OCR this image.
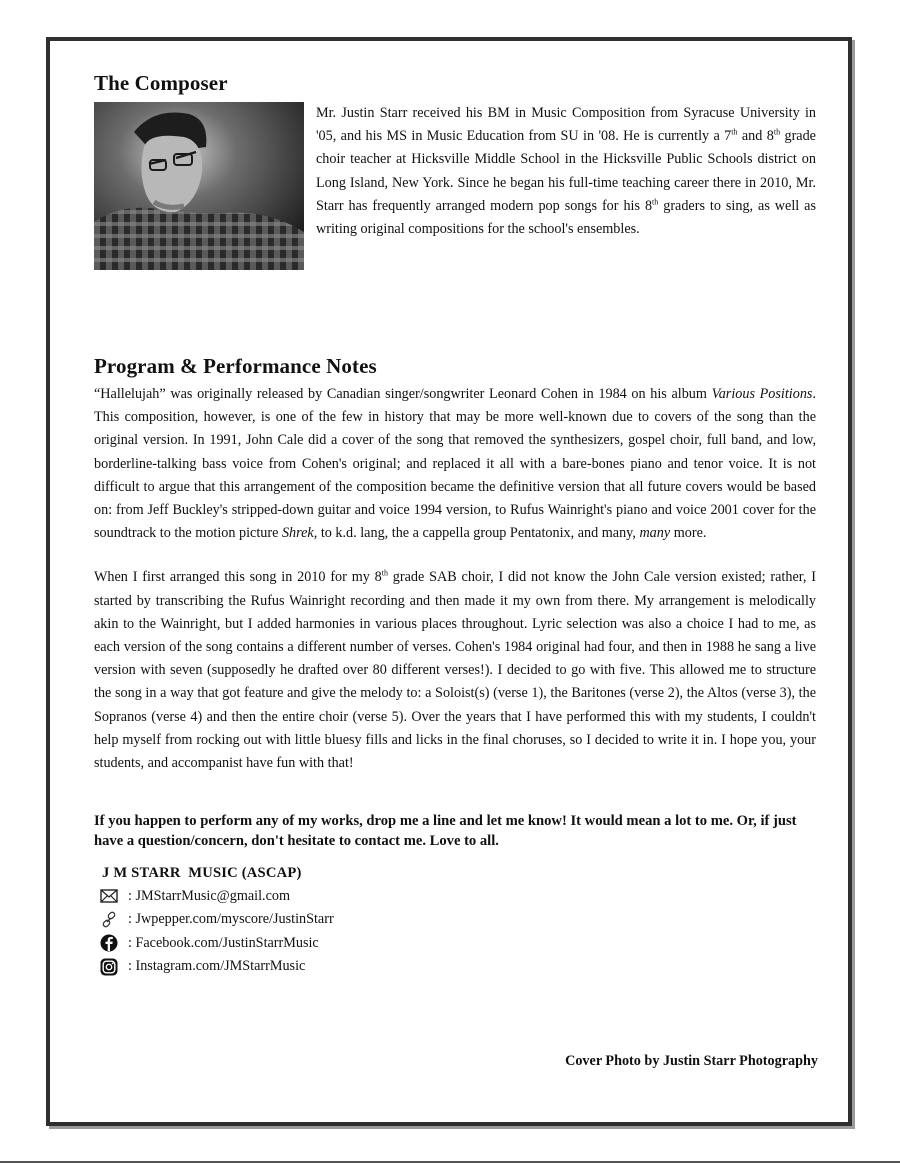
The Composer

Mr. Justin Starr received his BM in Music Composition from Syracuse University in '05, and his MS in Music Education from SU in '08. He is currently a 7th and 8th grade choir teacher at Hicksville Middle School in the Hicksville Public Schools district on Long Island, New York. Since he began his full-time teaching career there in 2010, Mr. Starr has frequently arranged modern pop songs for his 8th graders to sing, as well as writing original compositions for the school's ensembles.

Program & Performance Notes

“Hallelujah” was originally released by Canadian singer/songwriter Leonard Cohen in 1984 on his album Various Positions. This composition, however, is one of the few in history that may be more well-known due to covers of the song than the original version. In 1991, John Cale did a cover of the song that removed the synthesizers, gospel choir, full band, and low, borderline-talking bass voice from Cohen's original; and replaced it all with a bare-bones piano and tenor voice. It is not difficult to argue that this arrangement of the composition became the definitive version that all future covers would be based on: from Jeff Buckley's stripped-down guitar and voice 1994 version, to Rufus Wainright's piano and voice 2001 cover for the soundtrack to the motion picture Shrek, to k.d. lang, the a cappella group Pentatonix, and many, many more.

When I first arranged this song in 2010 for my 8th grade SAB choir, I did not know the John Cale version existed; rather, I started by transcribing the Rufus Wainright recording and then made it my own from there. My arrangement is melodically akin to the Wainright, but I added harmonies in various places throughout. Lyric selection was also a choice I had to me, as each version of the song contains a different number of verses. Cohen's 1984 original had four, and then in 1988 he sang a live version with seven (supposedly he drafted over 80 different verses!). I decided to go with five. This allowed me to structure the song in a way that got feature and give the melody to: a Soloist(s) (verse 1), the Baritones (verse 2), the Altos (verse 3), the Sopranos (verse 4) and then the entire choir (verse 5). Over the years that I have performed this with my students, I couldn't help myself from rocking out with little bluesy fills and licks in the final choruses, so I decided to write it in. I hope you, your students, and accompanist have fun with that!

If you happen to perform any of my works, drop me a line and let me know! It would mean a lot to me. Or, if just have a question/concern, don't hesitate to contact me. Love to all.
J M STARR  MUSIC (ASCAP)
: JMStarrMusic@gmail.com
: Jwpepper.com/myscore/JustinStarr
: Facebook.com/JustinStarrMusic
: Instagram.com/JMStarrMusic
Cover Photo by Justin Starr Photography
